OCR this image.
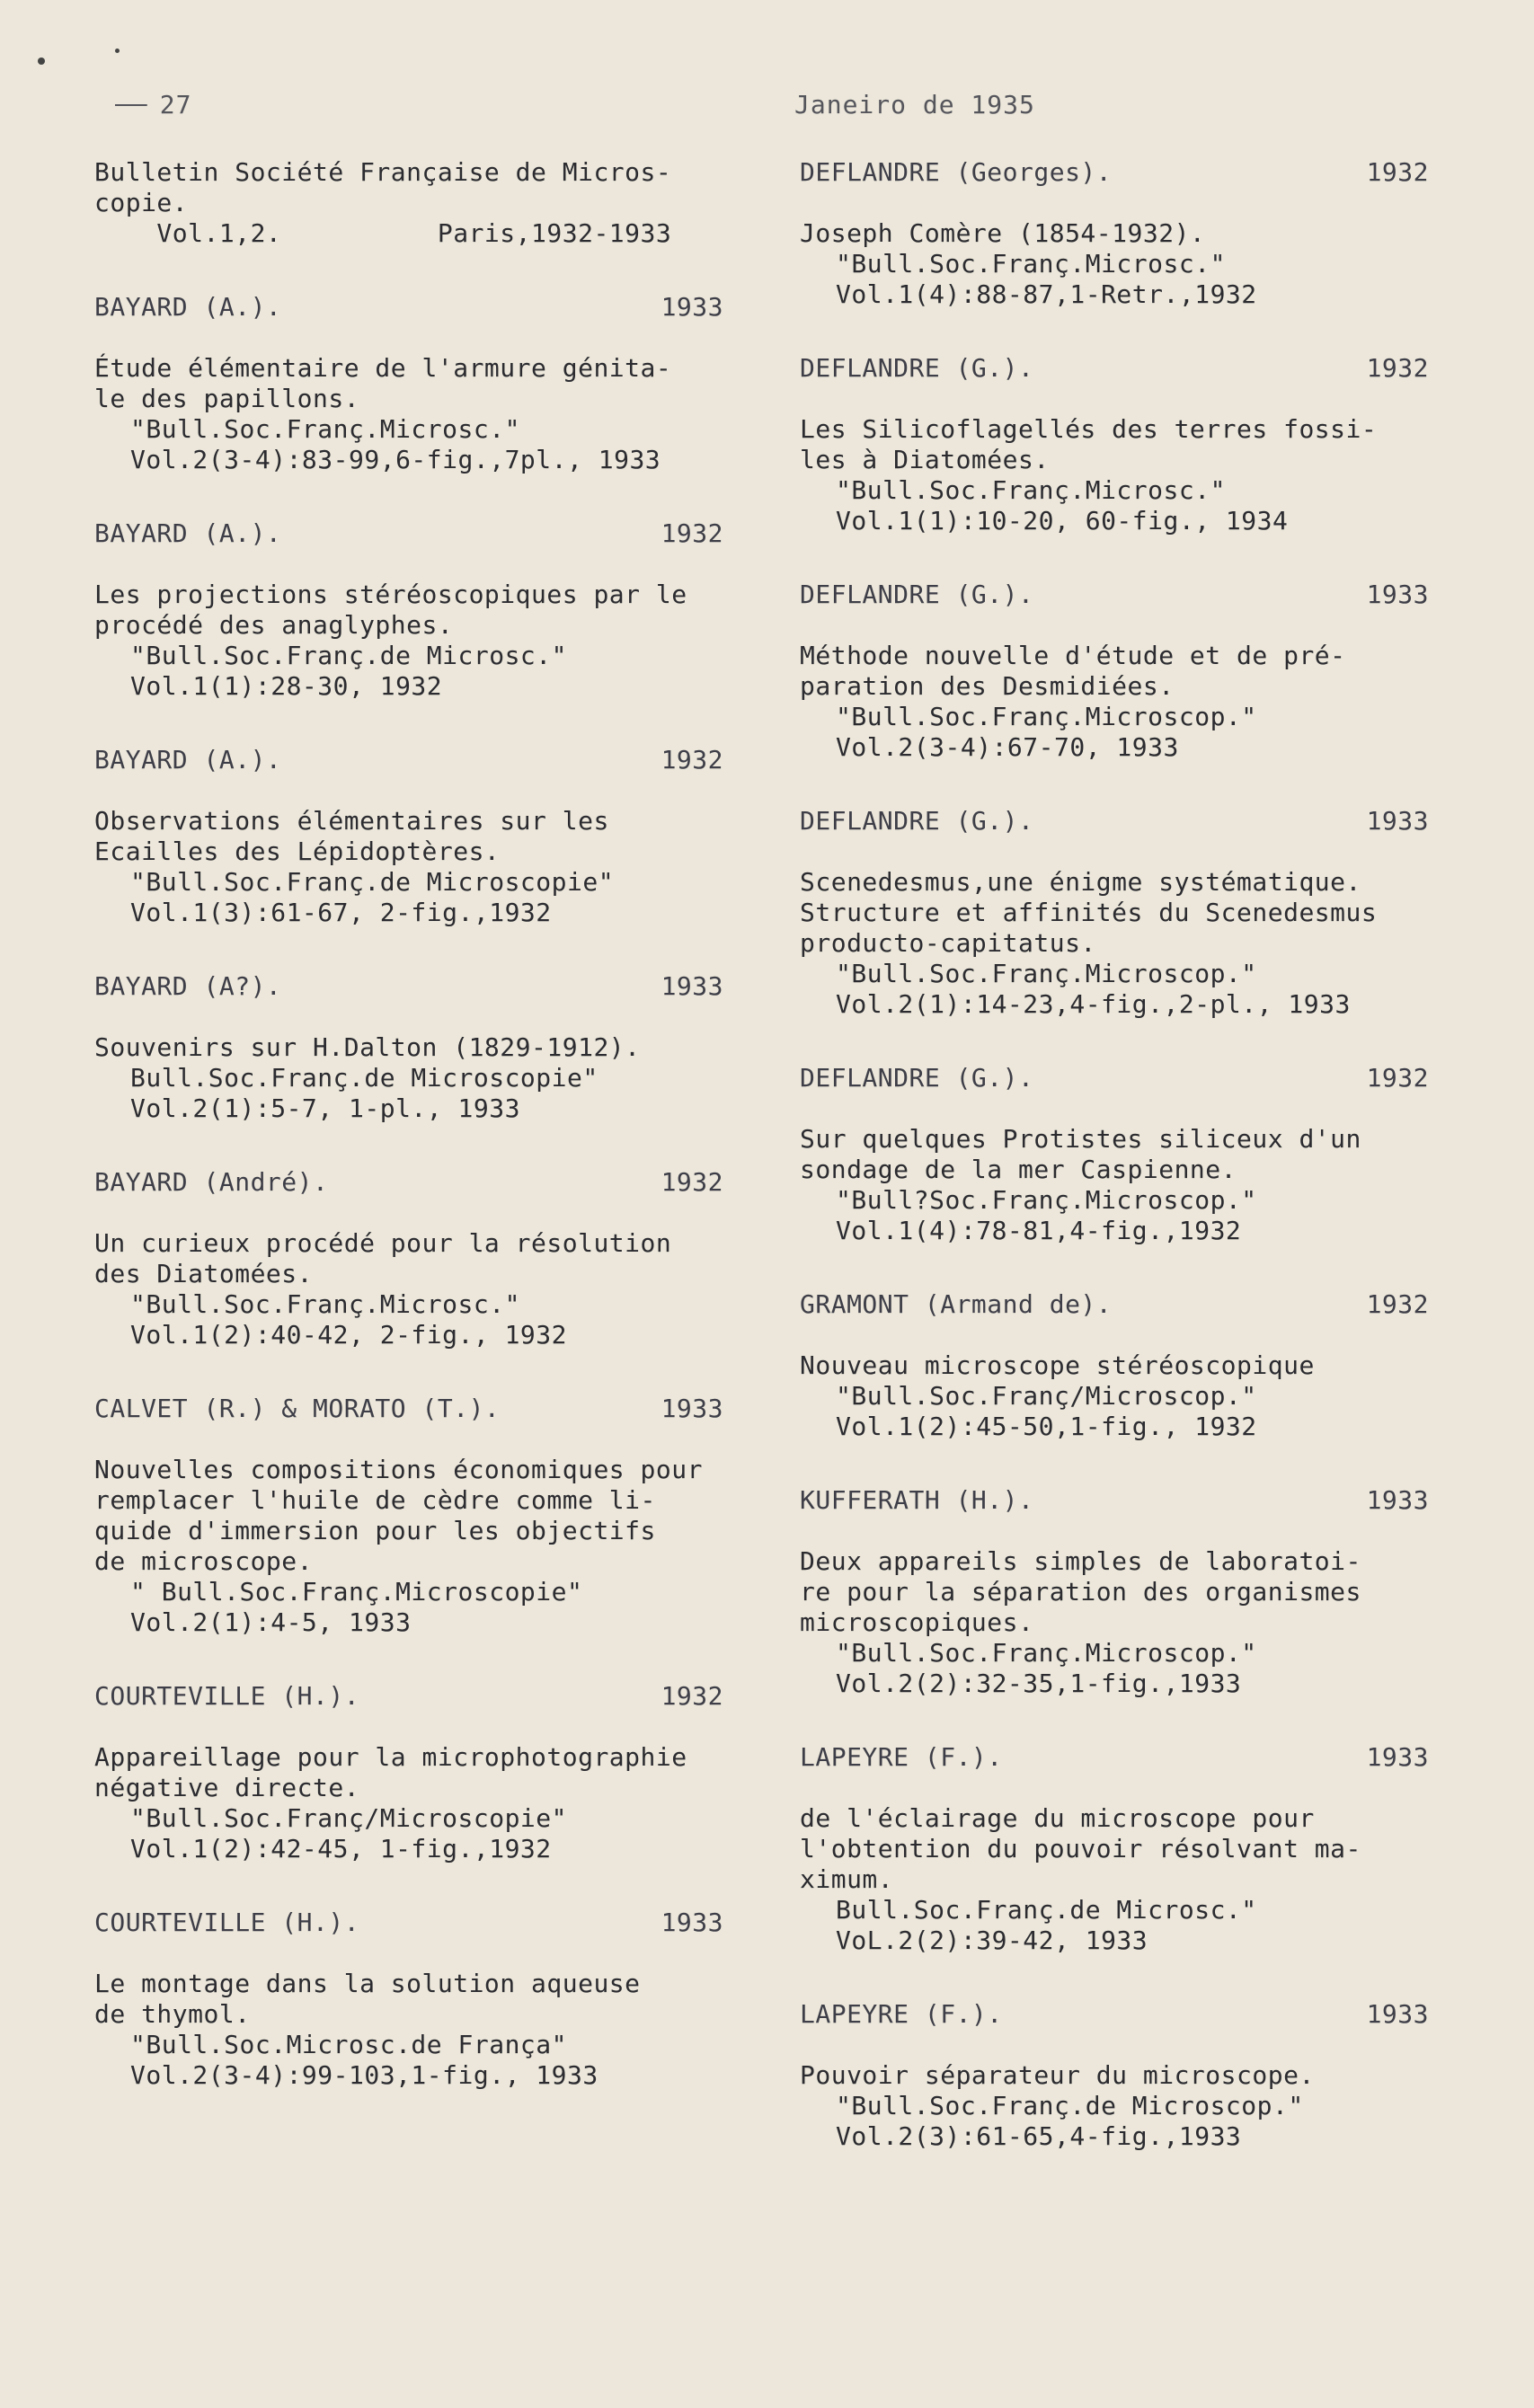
27	Janeiro de 1935
Bulletin Société Française de Micros-
copie.
Vol.1,2.          Paris,1932-1933
BAYARD (A.).	1933
Étude élémentaire de l'armure génita-
le des papillons.
"Bull.Soc.Franç.Microsc."
Vol.2(3-4):83-99,6-fig.,7pl., 1933
BAYARD (A.).	1932
Les projections stéréoscopiques par le
procédé des anaglyphes.
"Bull.Soc.Franç.de Microsc."
Vol.1(1):28-30, 1932
BAYARD (A.).	1932
Observations élémentaires sur les
Ecailles des Lépidoptères.
"Bull.Soc.Franç.de Microscopie"
Vol.1(3):61-67, 2-fig.,1932
BAYARD (A?).	1933
Souvenirs sur H.Dalton (1829-1912).
Bull.Soc.Franç.de Microscopie"
Vol.2(1):5-7, 1-pl., 1933
BAYARD (André).	1932
Un curieux procédé pour la résolution
des Diatomées.
"Bull.Soc.Franç.Microsc."
Vol.1(2):40-42, 2-fig., 1932
CALVET (R.) & MORATO (T.).	1933
Nouvelles compositions économiques pour
remplacer l'huile de cèdre comme li-
quide d'immersion pour les objectifs
de microscope.
" Bull.Soc.Franç.Microscopie"
Vol.2(1):4-5, 1933
COURTEVILLE (H.).	1932
Appareillage pour la microphotographie
négative directe.
"Bull.Soc.Franç/Microscopie"
Vol.1(2):42-45, 1-fig.,1932
COURTEVILLE (H.).	1933
Le montage dans la solution aqueuse
de thymol.
"Bull.Soc.Microsc.de França"
Vol.2(3-4):99-103,1-fig., 1933
DEFLANDRE (Georges).	1932
Joseph Comère (1854-1932).
"Bull.Soc.Franç.Microsc."
Vol.1(4):88-87,1-Retr.,1932
DEFLANDRE (G.).	1932
Les Silicoflagellés des terres fossi-
les à Diatomées.
"Bull.Soc.Franç.Microsc."
Vol.1(1):10-20, 60-fig., 1934
DEFLANDRE (G.).	1933
Méthode nouvelle d'étude et de pré-
paration des Desmidiées.
"Bull.Soc.Franç.Microscop."
Vol.2(3-4):67-70, 1933
DEFLANDRE (G.).	1933
Scenedesmus,une énigme systématique.
Structure et affinités du Scenedesmus
producto-capitatus.
"Bull.Soc.Franç.Microscop."
Vol.2(1):14-23,4-fig.,2-pl., 1933
DEFLANDRE (G.).	1932
Sur quelques Protistes siliceux d'un
sondage de la mer Caspienne.
"Bull?Soc.Franç.Microscop."
Vol.1(4):78-81,4-fig.,1932
GRAMONT (Armand de).	1932
Nouveau microscope stéréoscopique
"Bull.Soc.Franç/Microscop."
Vol.1(2):45-50,1-fig., 1932
KUFFERATH (H.).	1933
Deux appareils simples de laboratoi-
re pour la séparation des organismes
microscopiques.
"Bull.Soc.Franç.Microscop."
Vol.2(2):32-35,1-fig.,1933
LAPEYRE (F.).	1933
de l'éclairage du microscope pour
l'obtention du pouvoir résolvant ma-
ximum.
Bull.Soc.Franç.de Microsc."
VoL.2(2):39-42, 1933
LAPEYRE (F.).	1933
Pouvoir séparateur du microscope.
"Bull.Soc.Franç.de Microscop."
Vol.2(3):61-65,4-fig.,1933
